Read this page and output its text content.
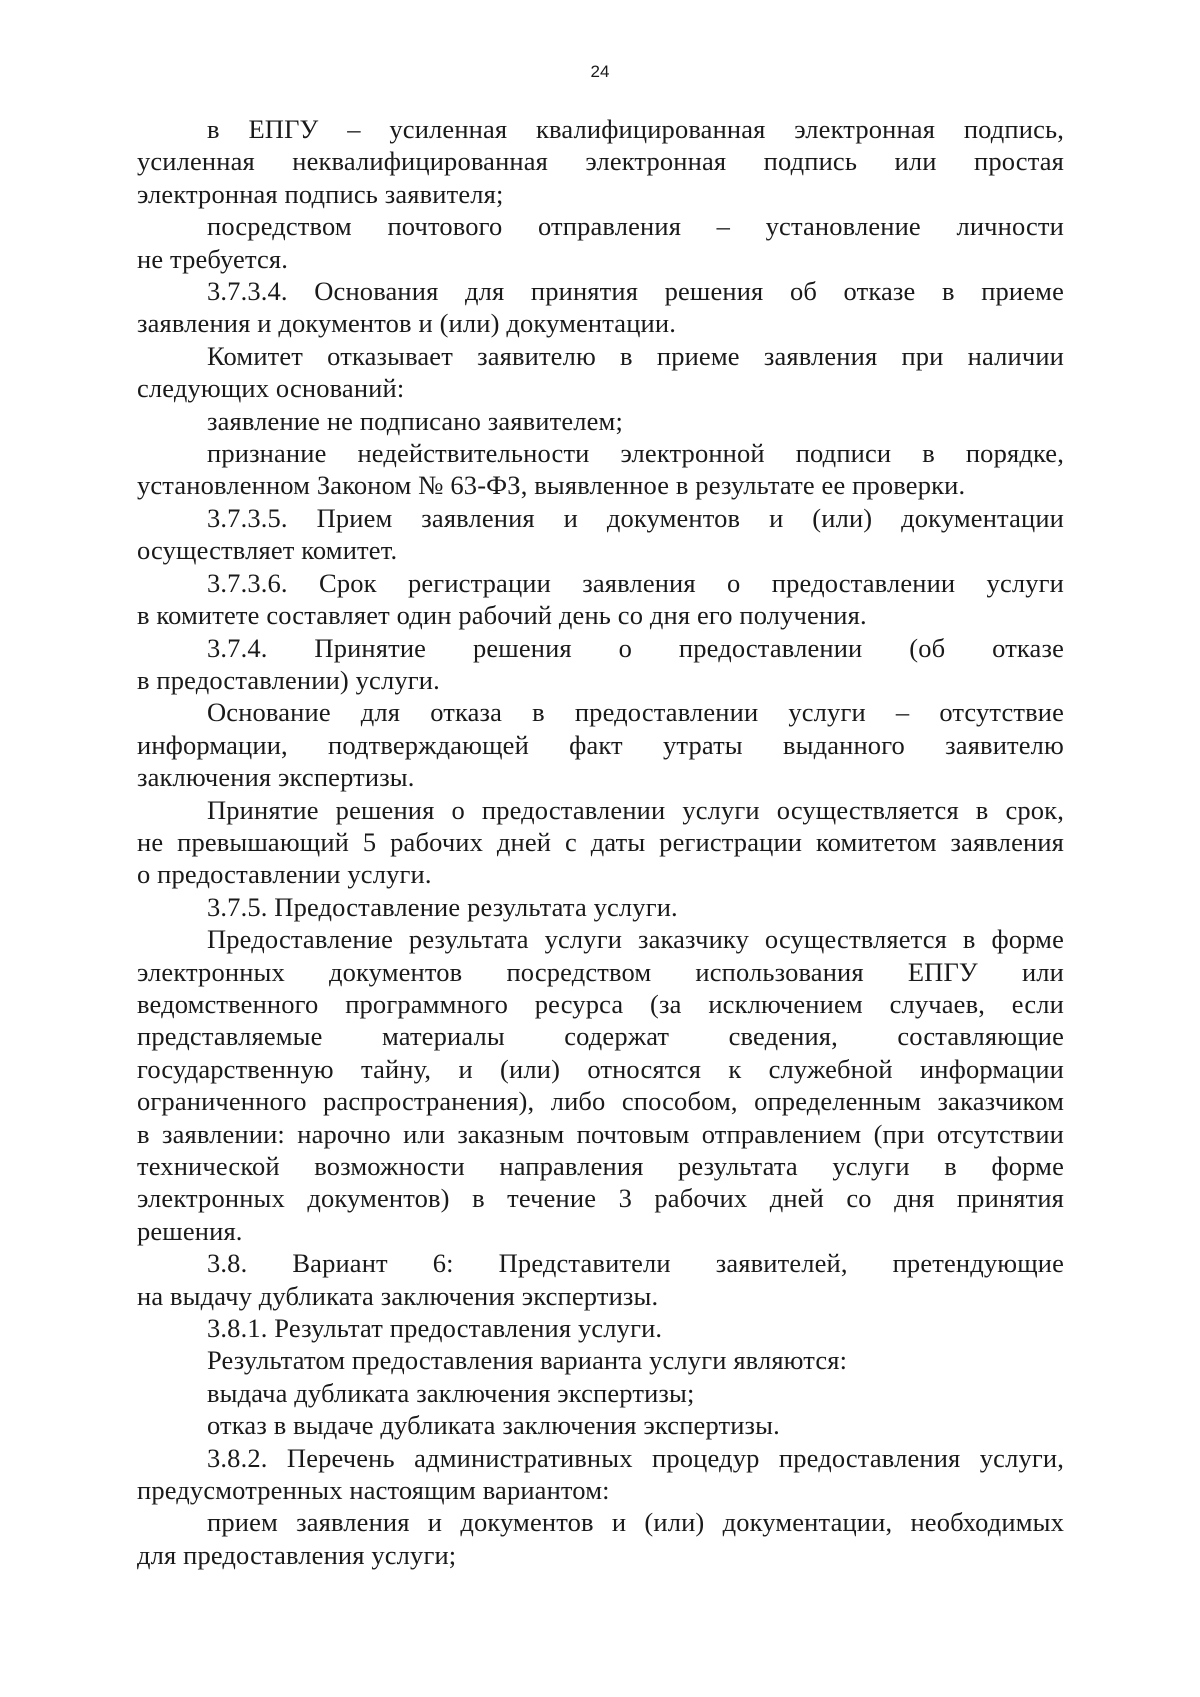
24
в ЕПГУ – усиленная квалифицированная электронная подпись,
усиленная неквалифицированная электронная подпись или простая
электронная подпись заявителя;
посредством почтового отправления – установление личности
не требуется.
3.7.3.4. Основания для принятия решения об отказе в приеме
заявления и документов и (или) документации.
Комитет отказывает заявителю в приеме заявления при наличии
следующих оснований:
заявление не подписано заявителем;
признание недействительности электронной подписи в порядке,
установленном Законом № 63-ФЗ, выявленное в результате ее проверки.
3.7.3.5. Прием заявления и документов и (или) документации
осуществляет комитет.
3.7.3.6. Срок регистрации заявления о предоставлении услуги
в комитете составляет один рабочий день со дня его получения.
3.7.4. Принятие решения о предоставлении (об отказе
в предоставлении) услуги.
Основание для отказа в предоставлении услуги – отсутствие
информации, подтверждающей факт утраты выданного заявителю
заключения экспертизы.
Принятие решения о предоставлении услуги осуществляется в срок,
не превышающий 5 рабочих дней с даты регистрации комитетом заявления
о предоставлении услуги.
3.7.5. Предоставление результата услуги.
Предоставление результата услуги заказчику осуществляется в форме
электронных документов посредством использования ЕПГУ или
ведомственного программного ресурса (за исключением случаев, если
представляемые материалы содержат сведения, составляющие
государственную тайну, и (или) относятся к служебной информации
ограниченного распространения), либо способом, определенным заказчиком
в заявлении: нарочно или заказным почтовым отправлением (при отсутствии
технической возможности направления результата услуги в форме
электронных документов) в течение 3 рабочих дней со дня принятия
решения.
3.8. Вариант 6: Представители заявителей, претендующие
на выдачу дубликата заключения экспертизы.
3.8.1. Результат предоставления услуги.
Результатом предоставления варианта услуги являются:
выдача дубликата заключения экспертизы;
отказ в выдаче дубликата заключения экспертизы.
3.8.2. Перечень административных процедур предоставления услуги,
предусмотренных настоящим вариантом:
прием заявления и документов и (или) документации, необходимых
для предоставления услуги;
